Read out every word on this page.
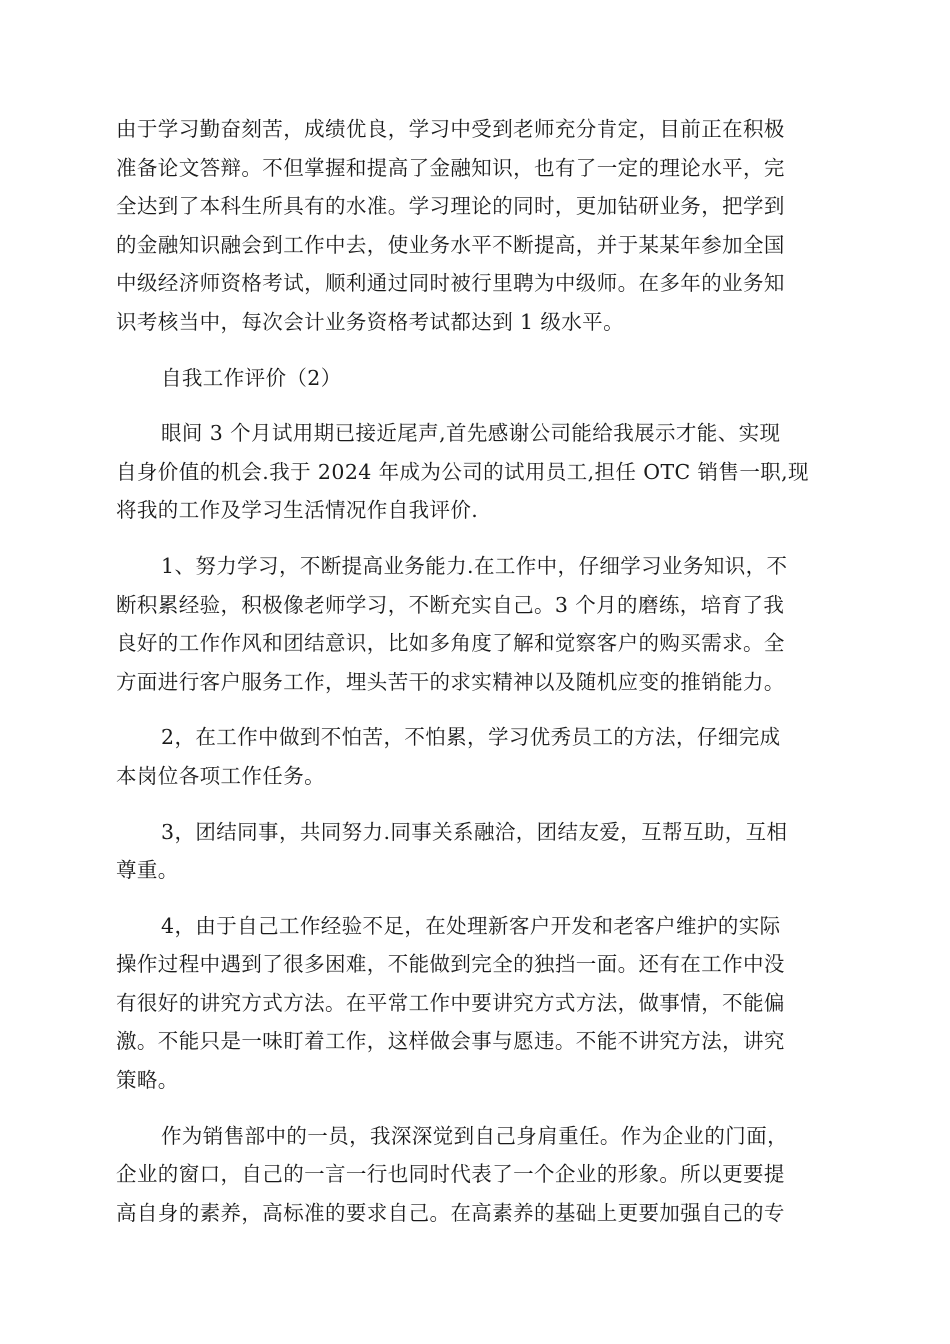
由于学习勤奋刻苦，成绩优良，学习中受到老师充分肯定，目前正在积极
准备论文答辩。不但掌握和提高了金融知识，也有了一定的理论水平，完
全达到了本科生所具有的水准。学习理论的同时，更加钻研业务，把学到
的金融知识融会到工作中去，使业务水平不断提高，并于某某年参加全国
中级经济师资格考试，顺利通过同时被行里聘为中级师。在多年的业务知
识考核当中，每次会计业务资格考试都达到 1 级水平。
自我工作评价（2）
眼间 3 个月试用期已接近尾声,首先感谢公司能给我展示才能、实现
自身价值的机会.我于 2024 年成为公司的试用员工,担任 OTC 销售一职,现
将我的工作及学习生活情况作自我评价.
1、努力学习，不断提高业务能力.在工作中，仔细学习业务知识，不
断积累经验，积极像老师学习，不断充实自己。3 个月的磨练，培育了我
良好的工作作风和团结意识，比如多角度了解和觉察客户的购买需求。全
方面进行客户服务工作，埋头苦干的求实精神以及随机应变的推销能力。
2，在工作中做到不怕苦，不怕累，学习优秀员工的方法，仔细完成
本岗位各项工作任务。
3，团结同事，共同努力.同事关系融洽，团结友爱，互帮互助，互相
尊重。
4，由于自己工作经验不足，在处理新客户开发和老客户维护的实际
操作过程中遇到了很多困难，不能做到完全的独挡一面。还有在工作中没
有很好的讲究方式方法。在平常工作中要讲究方式方法，做事情，不能偏
激。不能只是一味盯着工作，这样做会事与愿违。不能不讲究方法，讲究
策略。
作为销售部中的一员，我深深觉到自己身肩重任。作为企业的门面，
企业的窗口，自己的一言一行也同时代表了一个企业的形象。所以更要提
高自身的素养，高标准的要求自己。在高素养的基础上更要加强自己的专
